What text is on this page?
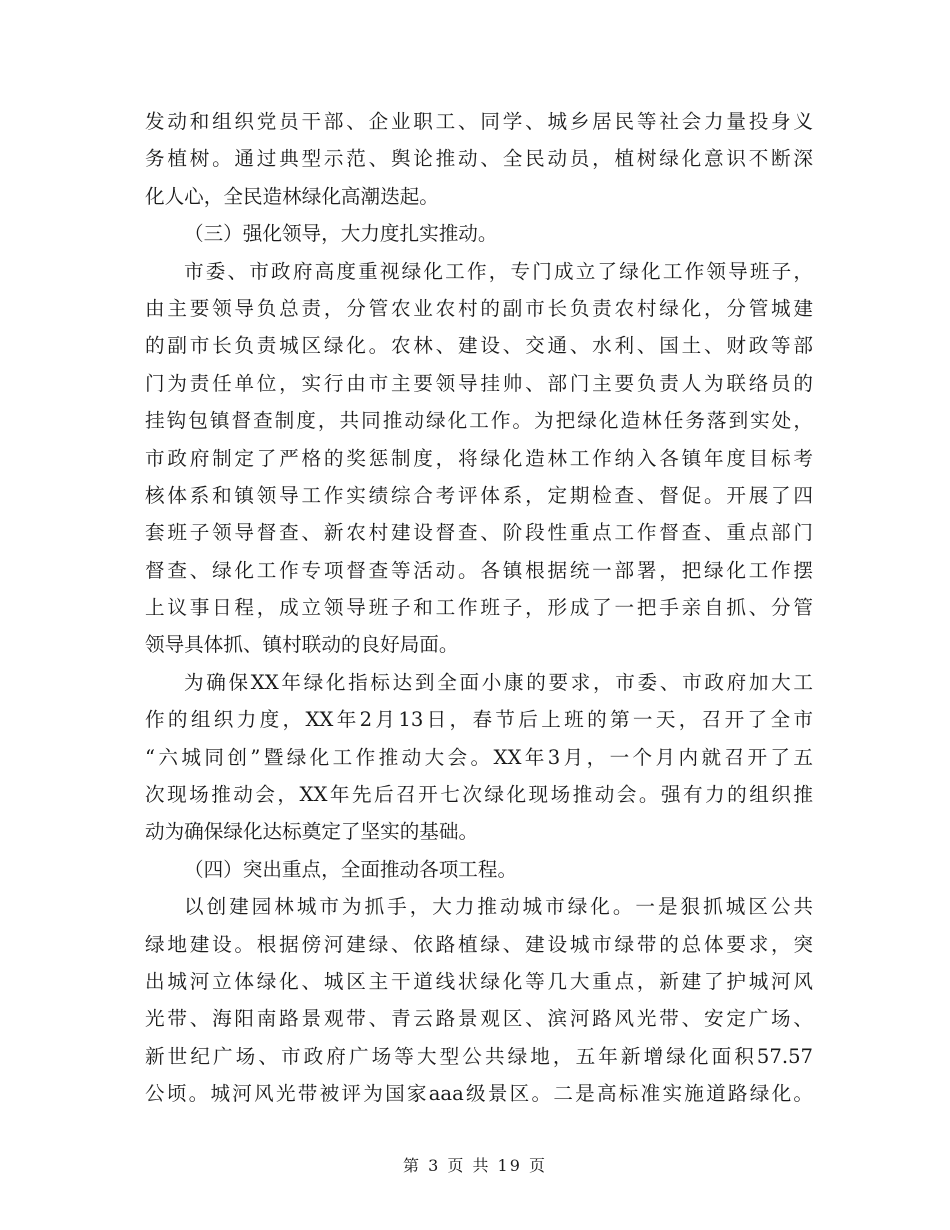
发动和组织党员干部、企业职工、同学、城乡居民等社会力量投身义
务植树。通过典型示范、舆论推动、全民动员，植树绿化意识不断深
化人心，全民造林绿化高潮迭起。
（三）强化领导，大力度扎实推动。
市委、市政府高度重视绿化工作，专门成立了绿化工作领导班子，
由主要领导负总责，分管农业农村的副市长负责农村绿化，分管城建
的副市长负责城区绿化。农林、建设、交通、水利、国土、财政等部
门为责任单位，实行由市主要领导挂帅、部门主要负责人为联络员的
挂钩包镇督查制度，共同推动绿化工作。为把绿化造林任务落到实处，
市政府制定了严格的奖惩制度，将绿化造林工作纳入各镇年度目标考
核体系和镇领导工作实绩综合考评体系，定期检查、督促。开展了四
套班子领导督查、新农村建设督查、阶段性重点工作督查、重点部门
督查、绿化工作专项督查等活动。各镇根据统一部署，把绿化工作摆
上议事日程，成立领导班子和工作班子，形成了一把手亲自抓、分管
领导具体抓、镇村联动的良好局面。
为确保XX年绿化指标达到全面小康的要求，市委、市政府加大工
作的组织力度，XX年2月13日，春节后上班的第一天，召开了全市
“六城同创”暨绿化工作推动大会。XX年3月，一个月内就召开了五
次现场推动会，XX年先后召开七次绿化现场推动会。强有力的组织推
动为确保绿化达标奠定了坚实的基础。
（四）突出重点，全面推动各项工程。
以创建园林城市为抓手，大力推动城市绿化。一是狠抓城区公共
绿地建设。根据傍河建绿、依路植绿、建设城市绿带的总体要求，突
出城河立体绿化、城区主干道线状绿化等几大重点，新建了护城河风
光带、海阳南路景观带、青云路景观区、滨河路风光带、安定广场、
新世纪广场、市政府广场等大型公共绿地，五年新增绿化面积57.57
公顷。城河风光带被评为国家aaa级景区。二是高标准实施道路绿化。
第 3 页 共 19 页
